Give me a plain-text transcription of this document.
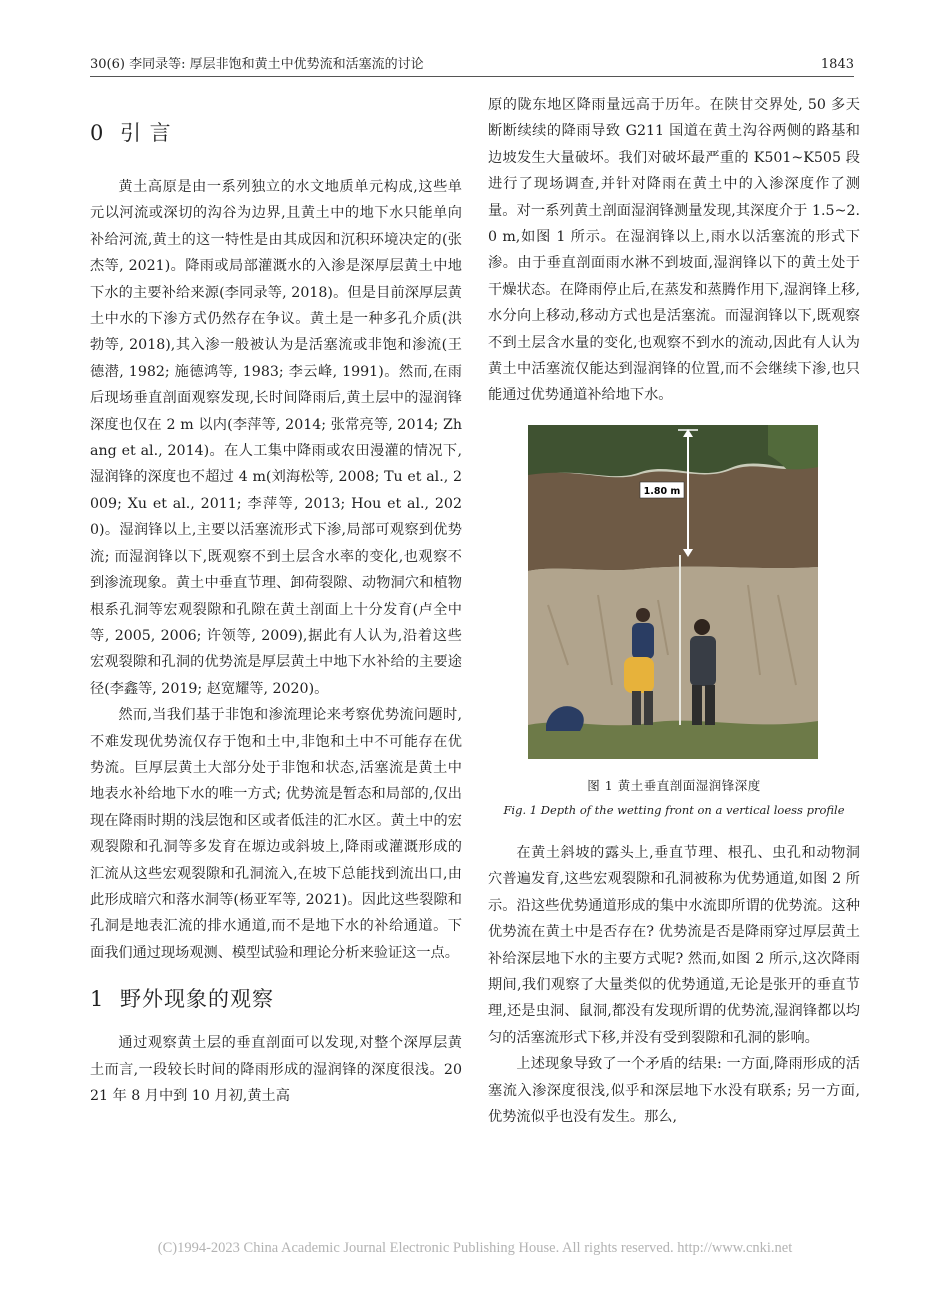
30(6) 李同录等: 厚层非饱和黄土中优势流和活塞流的讨论	1843
0 引 言

黄土高原是由一系列独立的水文地质单元构成,这些单元以河流或深切的沟谷为边界,且黄土中的地下水只能单向补给河流,黄土的这一特性是由其成因和沉积环境决定的(张杰等, 2021)。降雨或局部灌溉水的入渗是深厚层黄土中地下水的主要补给来源(李同录等, 2018)。但是目前深厚层黄土中水的下渗方式仍然存在争议。黄土是一种多孔介质(洪勃等, 2018),其入渗一般被认为是活塞流或非饱和渗流(王德潜, 1982; 施德鸿等, 1983; 李云峰, 1991)。然而,在雨后现场垂直剖面观察发现,长时间降雨后,黄土层中的湿润锋深度也仅在 2 m 以内(李萍等, 2014; 张常亮等, 2014; Zhang et al., 2014)。在人工集中降雨或农田漫灌的情况下,湿润锋的深度也不超过 4 m(刘海松等, 2008; Tu et al., 2009; Xu et al., 2011; 李萍等, 2013; Hou et al., 2020)。湿润锋以上,主要以活塞流形式下渗,局部可观察到优势流; 而湿润锋以下,既观察不到土层含水率的变化,也观察不到渗流现象。黄土中垂直节理、卸荷裂隙、动物洞穴和植物根系孔洞等宏观裂隙和孔隙在黄土剖面上十分发育(卢全中等, 2005, 2006; 许领等, 2009),据此有人认为,沿着这些宏观裂隙和孔洞的优势流是厚层黄土中地下水补给的主要途径(李鑫等, 2019; 赵宽耀等, 2020)。

然而,当我们基于非饱和渗流理论来考察优势流问题时,不难发现优势流仅存于饱和土中,非饱和土中不可能存在优势流。巨厚层黄土大部分处于非饱和状态,活塞流是黄土中地表水补给地下水的唯一方式; 优势流是暂态和局部的,仅出现在降雨时期的浅层饱和区或者低洼的汇水区。黄土中的宏观裂隙和孔洞等多发育在塬边或斜坡上,降雨或灌溉形成的汇流从这些宏观裂隙和孔洞流入,在坡下总能找到流出口,由此形成暗穴和落水洞等(杨亚军等, 2021)。因此这些裂隙和孔洞是地表汇流的排水通道,而不是地下水的补给通道。下面我们通过现场观测、模型试验和理论分析来验证这一点。

1 野外现象的观察

通过观察黄土层的垂直剖面可以发现,对整个深厚层黄土而言,一段较长时间的降雨形成的湿润锋的深度很浅。2021 年 8 月中到 10 月初,黄土高

原的陇东地区降雨量远高于历年。在陕甘交界处, 50 多天断断续续的降雨导致 G211 国道在黄土沟谷两侧的路基和边坡发生大量破坏。我们对破坏最严重的 K501~K505 段进行了现场调查,并针对降雨在黄土中的入渗深度作了测量。对一系列黄土剖面湿润锋测量发现,其深度介于 1.5~2.0 m,如图 1 所示。在湿润锋以上,雨水以活塞流的形式下渗。由于垂直剖面雨水淋不到坡面,湿润锋以下的黄土处于干燥状态。在降雨停止后,在蒸发和蒸腾作用下,湿润锋上移,水分向上移动,移动方式也是活塞流。而湿润锋以下,既观察不到土层含水量的变化,也观察不到水的流动,因此有人认为黄土中活塞流仅能达到湿润锋的位置,而不会继续下渗,也只能通过优势通道补给地下水。

1.80 m
图 1 黄土垂直剖面湿润锋深度
Fig. 1 Depth of the wetting front on a vertical loess profile

在黄土斜坡的露头上,垂直节理、根孔、虫孔和动物洞穴普遍发育,这些宏观裂隙和孔洞被称为优势通道,如图 2 所示。沿这些优势通道形成的集中水流即所谓的优势流。这种优势流在黄土中是否存在? 优势流是否是降雨穿过厚层黄土补给深层地下水的主要方式呢? 然而,如图 2 所示,这次降雨期间,我们观察了大量类似的优势通道,无论是张开的垂直节理,还是虫洞、鼠洞,都没有发现所谓的优势流,湿润锋都以均匀的活塞流形式下移,并没有受到裂隙和孔洞的影响。

上述现象导致了一个矛盾的结果: 一方面,降雨形成的活塞流入渗深度很浅,似乎和深层地下水没有联系; 另一方面,优势流似乎也没有发生。那么,

(C)1994-2023 China Academic Journal Electronic Publishing House. All rights reserved. http://www.cnki.net
